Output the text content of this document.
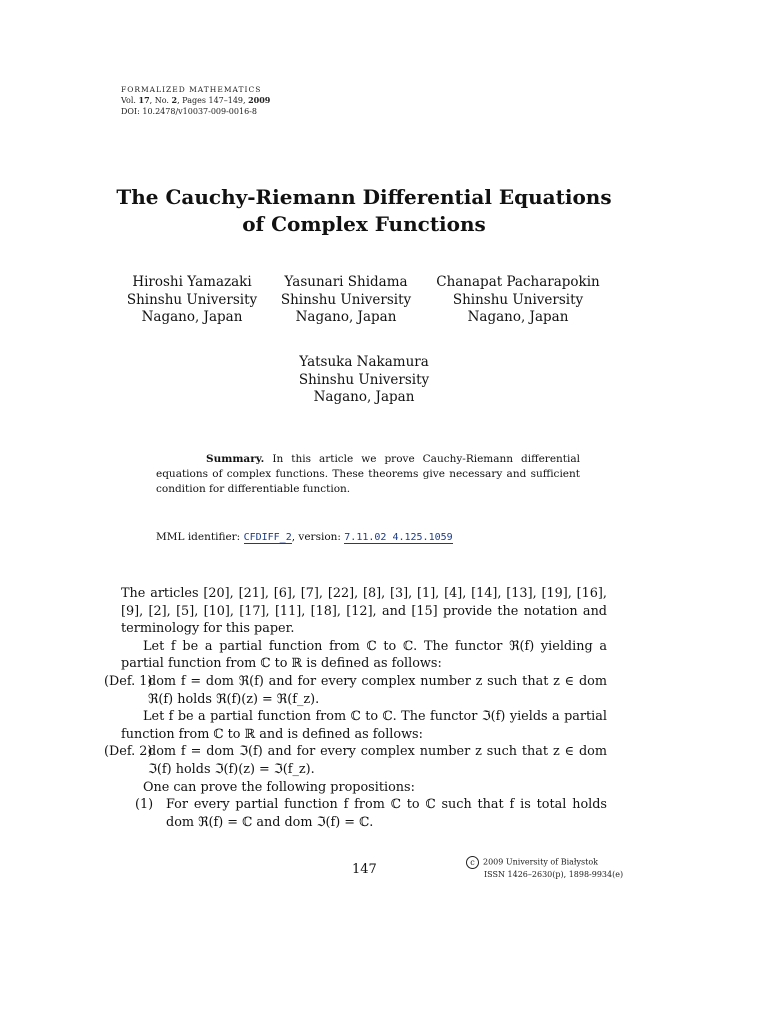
FORMALIZED MATHEMATICS
Vol. 17, No. 2, Pages 147–149, 2009
DOI: 10.2478/v10037-009-0016-8
The Cauchy-Riemann Differential Equations
of Complex Functions
Hiroshi Yamazaki
Shinshu University
Nagano, Japan
Yasunari Shidama
Shinshu University
Nagano, Japan
Chanapat Pacharapokin
Shinshu University
Nagano, Japan
Yatsuka Nakamura
Shinshu University
Nagano, Japan
Summary. In this article we prove Cauchy-Riemann differential equations of complex functions. These theorems give necessary and sufficient condition for differentiable function.
MML identifier: CFDIFF_2, version: 7.11.02 4.125.1059

The articles [20], [21], [6], [7], [22], [8], [3], [1], [4], [14], [13], [19], [16], [9], [2], [5], [10], [17], [11], [18], [12], and [15] provide the notation and terminology for this paper.

Let f be a partial function from ℂ to ℂ. The functor ℜ(f) yielding a partial function from ℂ to ℝ is defined as follows:

(Def. 1)
dom f = dom ℜ(f) and for every complex number z such that z ∈ dom ℜ(f) holds ℜ(f)(z) = ℜ(f_z).

Let f be a partial function from ℂ to ℂ. The functor ℑ(f) yields a partial function from ℂ to ℝ and is defined as follows:

(Def. 2)
dom f = dom ℑ(f) and for every complex number z such that z ∈ dom ℑ(f) holds ℑ(f)(z) = ℑ(f_z).

One can prove the following propositions:

(1) For every partial function f from ℂ to ℂ such that f is total holds dom ℜ(f) = ℂ and dom ℑ(f) = ℂ.
147	c 2009 University of Białystok
ISSN 1426–2630(p), 1898-9934(e)
